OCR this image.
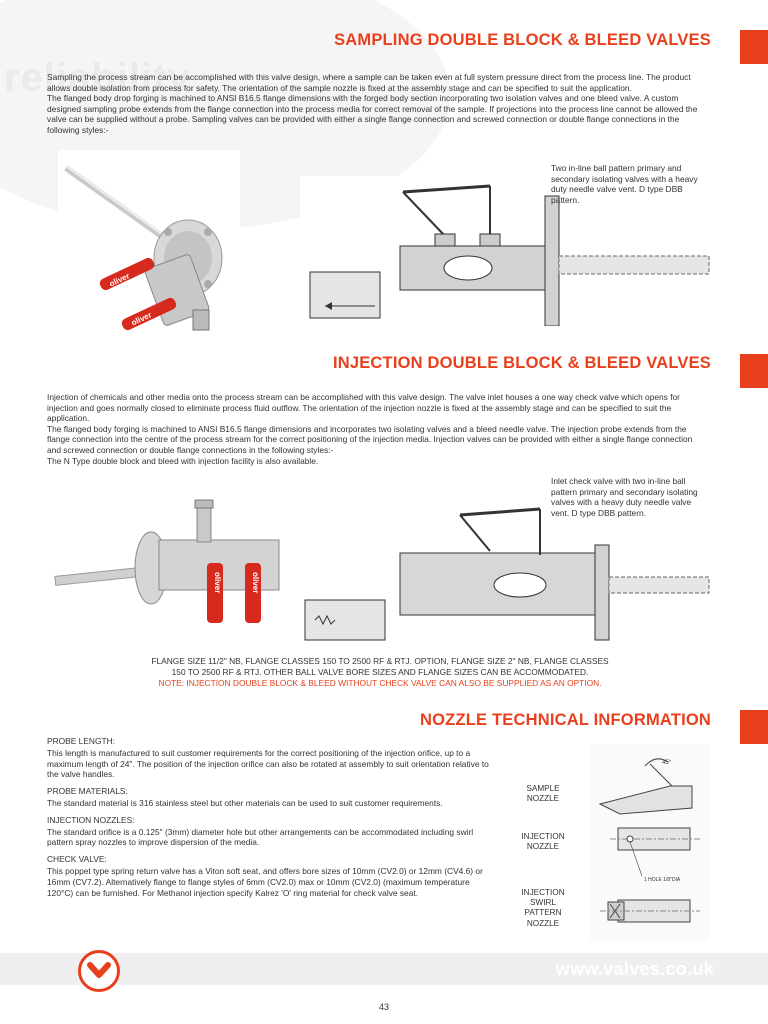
reliability
SAMPLING DOUBLE BLOCK & BLEED VALVES

Sampling the process stream can be accomplished with this valve design, where a sample can be taken even at full system pressure direct from the process line. The product allows double isolation from process for safety. The orientation of the sample nozzle is fixed at the assembly stage and can be specified to suit the application.

The flanged body drop forging is machined to ANSI B16.5 flange dimensions with the forged body section incorporating two isolation valves and one bleed valve. A custom designed sampling probe extends from the flange connection into the process media for correct removal of the sample. If projections into the process line cannot be allowed the valve can be supplied without a probe. Sampling valves can be provided with either a single flange connection and screwed connection or double flange connections in the following styles:-

oliver
oliver
Two in-line ball pattern primary and secondary isolating valves with a heavy duty needle valve vent. D type DBB pattern.
INJECTION DOUBLE BLOCK & BLEED VALVES

Injection of chemicals and other media onto the process stream can be accomplished with this valve design. The valve inlet houses a one way check valve which opens for injection and goes normally closed to eliminate process fluid outflow. The orientation of the injection nozzle is fixed at the assembly stage and can be specified to suit the application.

The flanged body forging is machined to ANSI B16.5 flange dimensions and incorporates two isolating valves and a bleed needle valve. The injection probe extends from the flange connection into the centre of the process stream for the correct positioning of the injection media. Injection valves can be provided with either a single flange connection and screwed connection or double flange connections in the following styles:-

The N Type double block and bleed with injection facility is also available.

oliver	oliver
Inlet check valve with two in-line ball pattern primary and secondary isolating valves with a heavy duty needle valve vent. D type DBB pattern.
FLANGE SIZE 11/2" NB, FLANGE CLASSES 150 TO 2500 RF & RTJ. OPTION, FLANGE SIZE 2" NB, FLANGE CLASSES
150 TO 2500 RF & RTJ. OTHER BALL VALVE BORE SIZES AND FLANGE SIZES CAN BE ACCOMMODATED.
NOTE: INJECTION DOUBLE BLOCK & BLEED WITHOUT CHECK VALVE CAN ALSO BE SUPPLIED AS AN OPTION.
NOZZLE TECHNICAL INFORMATION
PROBE LENGTH:

This length is manufactured to suit customer requirements for the correct positioning of the injection orifice, up to a maximum length of 24". The position of the injection orifice can also be rotated at assembly to suit orientation relative to the valve handles.

PROBE MATERIALS:

The standard material is 316 stainless steel but other materials can be used to suit customer requirements.

INJECTION NOZZLES:

The standard orifice is a 0.125" (3mm) diameter hole but other arrangements can be accommodated including swirl pattern spray nozzles to improve dispersion of the media.

CHECK VALVE:

This poppet type spring return valve has a Viton soft seat, and offers bore sizes of 10mm (CV2.0) or 12mm (CV4.6) or 16mm (CV7.2). Alternatively flange to flange styles of 6mm (CV2.0) max or 10mm (CV2.0) (maximum temperature 120°C) can be furnished. For Methanol injection specify Kalrez 'O' ring material for check valve seat.

SAMPLE NOZZLE
INJECTION NOZZLE
INJECTION SWIRL PATTERN NOZZLE
45°
1 HOLE 1/8"DIA
www.valves.co.uk
43
